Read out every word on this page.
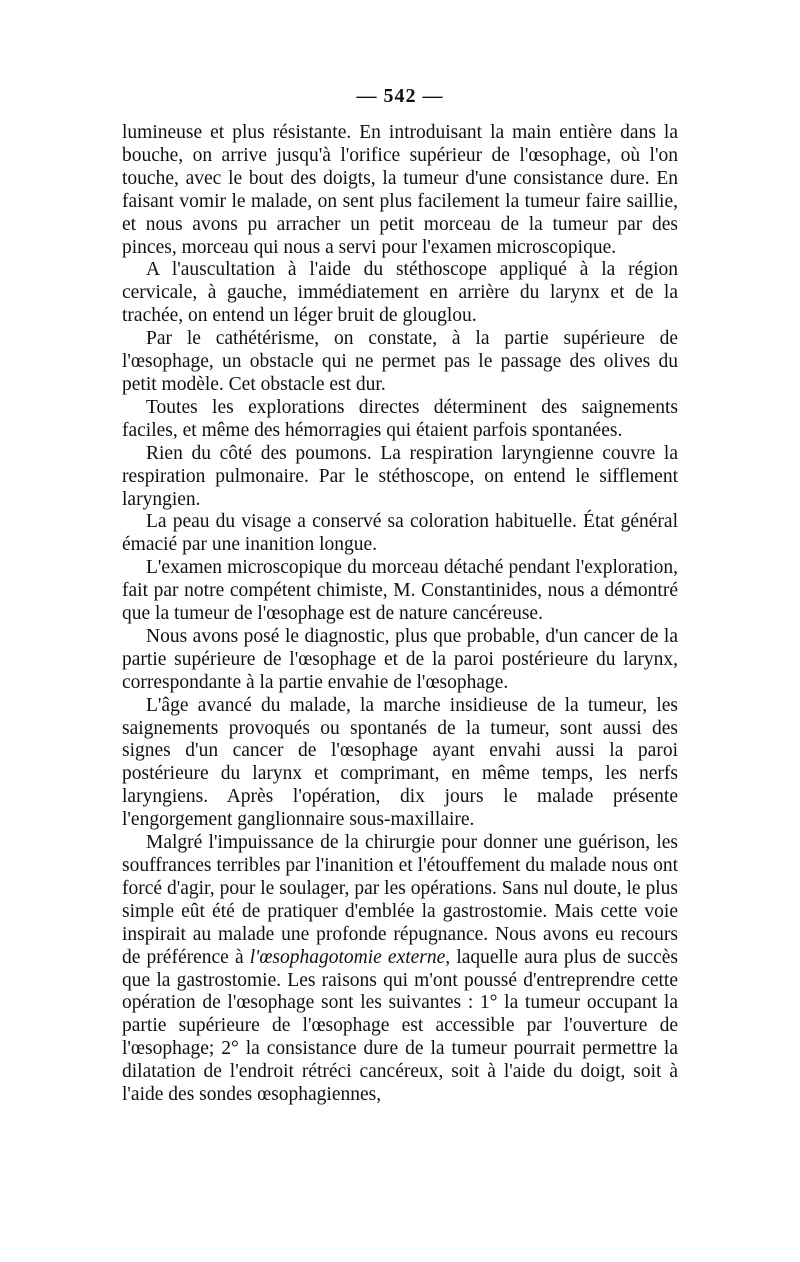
— 542 —

lumineuse et plus résistante. En introduisant la main entière dans la bouche, on arrive jusqu'à l'orifice supérieur de l'œsophage, où l'on touche, avec le bout des doigts, la tumeur d'une consistance dure. En faisant vomir le malade, on sent plus facilement la tumeur faire saillie, et nous avons pu arracher un petit morceau de la tumeur par des pinces, morceau qui nous a servi pour l'examen microscopique.

A l'auscultation à l'aide du stéthoscope appliqué à la région cervicale, à gauche, immédiatement en arrière du larynx et de la trachée, on entend un léger bruit de glouglou.

Par le cathétérisme, on constate, à la partie supérieure de l'œsophage, un obstacle qui ne permet pas le passage des olives du petit modèle. Cet obstacle est dur.

Toutes les explorations directes déterminent des saignements faciles, et même des hémorragies qui étaient parfois spontanées.

Rien du côté des poumons. La respiration laryngienne couvre la respiration pulmonaire. Par le stéthoscope, on entend le sifflement laryngien.

La peau du visage a conservé sa coloration habituelle. État général émacié par une inanition longue.

L'examen microscopique du morceau détaché pendant l'exploration, fait par notre compétent chimiste, M. Constantinides, nous a démontré que la tumeur de l'œsophage est de nature cancéreuse.

Nous avons posé le diagnostic, plus que probable, d'un cancer de la partie supérieure de l'œsophage et de la paroi postérieure du larynx, correspondante à la partie envahie de l'œsophage.

L'âge avancé du malade, la marche insidieuse de la tumeur, les saignements provoqués ou spontanés de la tumeur, sont aussi des signes d'un cancer de l'œsophage ayant envahi aussi la paroi postérieure du larynx et comprimant, en même temps, les nerfs laryngiens. Après l'opération, dix jours le malade présente l'engorgement ganglionnaire sous-maxillaire.

Malgré l'impuissance de la chirurgie pour donner une guérison, les souffrances terribles par l'inanition et l'étouffement du malade nous ont forcé d'agir, pour le soulager, par les opérations. Sans nul doute, le plus simple eût été de pratiquer d'emblée la gastrostomie. Mais cette voie inspirait au malade une profonde répugnance. Nous avons eu recours de préférence à l'œsophagotomie externe, laquelle aura plus de succès que la gastrostomie. Les raisons qui m'ont poussé d'entreprendre cette opération de l'œsophage sont les suivantes : 1° la tumeur occupant la partie supérieure de l'œsophage est accessible par l'ouverture de l'œsophage; 2° la consistance dure de la tumeur pourrait permettre la dilatation de l'endroit rétréci cancéreux, soit à l'aide du doigt, soit à l'aide des sondes œsophagiennes,
